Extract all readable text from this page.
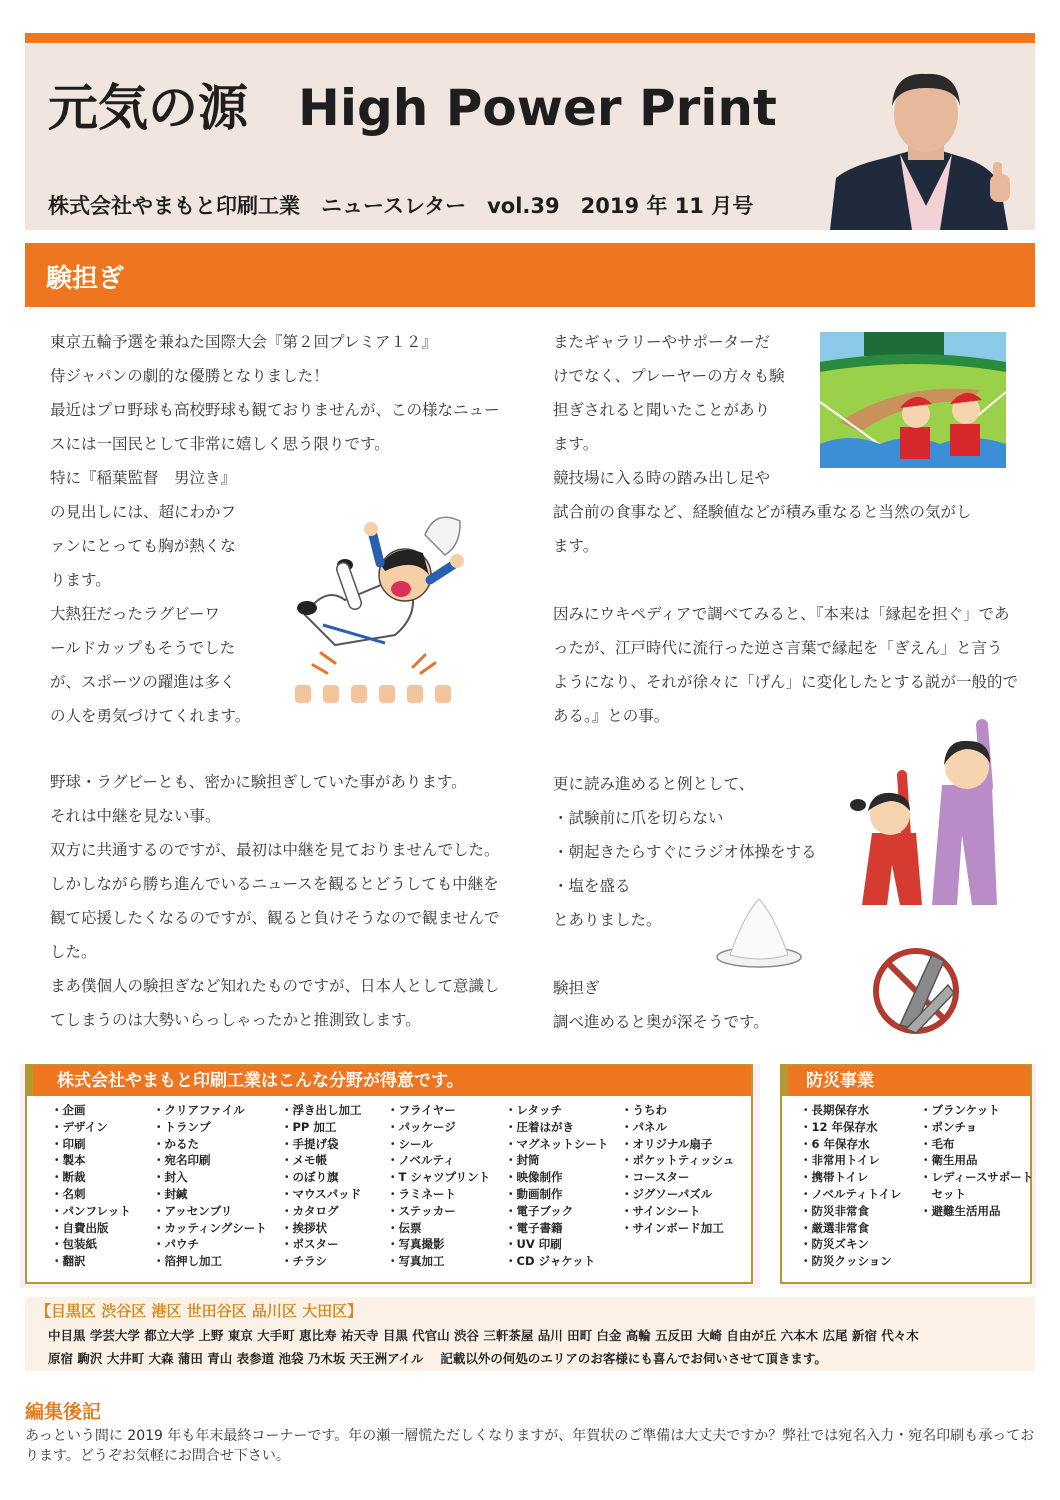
元気の源　High Power Print
株式会社やまもと印刷工業　ニュースレター　vol.39　2019 年 11 月号
験担ぎ

東京五輪予選を兼ねた国際大会『第２回プレミア１２』

侍ジャパンの劇的な優勝となりました！

最近はプロ野球も高校野球も観ておりませんが、この様なニュー

スには一国民として非常に嬉しく思う限りです。

特に『稲葉監督　男泣き』

の見出しには、超にわかフ

ァンにとっても胸が熱くな

ります。

大熱狂だったラグビーワ

ールドカップもそうでした

が、スポーツの躍進は多く

の人を勇気づけてくれます。

野球・ラグビーとも、密かに験担ぎしていた事があります。

それは中継を見ない事。

双方に共通するのですが、最初は中継を見ておりませんでした。

しかしながら勝ち進んでいるニュースを観るとどうしても中継を

観て応援したくなるのですが、観ると負けそうなので観ませんで

した。

まあ僕個人の験担ぎなど知れたものですが、日本人として意識し

てしまうのは大勢いらっしゃったかと推測致します。

またギャラリーやサポーターだ

けでなく、プレーヤーの方々も験

担ぎされると聞いたことがあり

ます。

競技場に入る時の踏み出し足や

試合前の食事など、経験値などが積み重なると当然の気がし

ます。

因みにウキペディアで調べてみると、『本来は「縁起を担ぐ」であ

ったが、江戸時代に流行った逆さ言葉で縁起を「ぎえん」と言う

ようになり、それが徐々に「げん」に変化したとする説が一般的で

ある。』との事。

更に読み進めると例として、

・試験前に爪を切らない

・朝起きたらすぐにラジオ体操をする

・塩を盛る

とありました。

験担ぎ

調べ進めると奥が深そうです。

株式会社やまもと印刷工業はこんな分野が得意です。
・企画
・デザイン
・印刷
・製本
・断裁
・名刺
・パンフレット
・自費出版
・包装紙
・翻訳
・クリアファイル
・トランプ
・かるた
・宛名印刷
・封入
・封緘
・アッセンブリ
・カッティングシート
・パウチ
・箔押し加工
・浮き出し加工
・PP 加工
・手提げ袋
・メモ帳
・のぼり旗
・マウスパッド
・カタログ
・挨拶状
・ポスター
・チラシ
・フライヤー
・パッケージ
・シール
・ノベルティ
・T シャツプリント
・ラミネート
・ステッカー
・伝票
・写真撮影
・写真加工
・レタッチ
・圧着はがき
・マグネットシート
・封筒
・映像制作
・動画制作
・電子ブック
・電子書籍
・UV 印刷
・CD ジャケット
・うちわ
・パネル
・オリジナル扇子
・ポケットティッシュ
・コースター
・ジグソーパズル
・サインシート
・サインボード加工
防災事業
・長期保存水
・12 年保存水
・6 年保存水
・非常用トイレ
・携帯トイレ
・ノベルティトイレ
・防災非常食
・厳選非常食
・防災ズキン
・防災クッション
・ブランケット
・ポンチョ
・毛布
・衛生用品
・レディースサポート
　セット
・避難生活用品
【目黒区 渋谷区 港区 世田谷区 品川区 大田区】
中目黒 学芸大学 都立大学 上野 東京 大手町 恵比寿 祐天寺 目黒 代官山 渋谷 三軒茶屋 品川 田町 白金 高輪 五反田 大崎 自由が丘 六本木 広尾 新宿 代々木
原宿 駒沢 大井町 大森 蒲田 青山 表参道 池袋 乃木坂 天王洲アイル　 記載以外の何処のエリアのお客様にも喜んでお伺いさせて頂きます。
編集後記
あっという間に 2019 年も年末最終コーナーです。年の瀬一層慌ただしくなりますが、年賀状のご準備は大丈夫ですか？弊社では宛名入力・宛名印刷も承っております。どうぞお気軽にお問合せ下さい。
